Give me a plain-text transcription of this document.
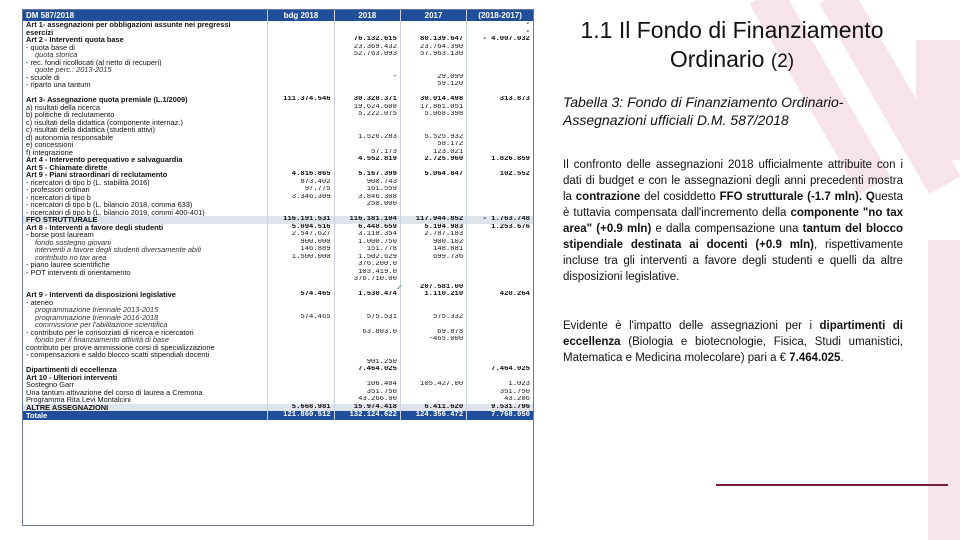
DM 587/2018	bdg 2018	2018	2017	(2018-2017)
Art 1- assegnazioni per obbligazioni assunte nei pregressi				-
esercizi				-
Art 2 - Interventi quota base		76.132.615	80.139.647	- 4.007.032
- quota base di		23.369.432	23.764.390	
quota storica		52.763.093	57.963.130	
- rec. fondi ricollocati (al netto di recuperi)				
quote perc.: 2013-2015				
- scuole di		-	29.099	
- riparto una tantum			59.120	

Art 3- Assegnazione quota premiale (L.1/2009)	111.374.546	30.328.371	30.014.498	313.873
a) risultati della ricerca		19.624.608	17.861.051	
b) politiche di reclutamento		5.222.075	5.068.398	
c) risultati della didattica (componente internaz.)				
c) risultati della didattica (studenti attivi)				
d) autonomia responsabile		1.526.283	5.525.932	
e) concessioni			58.172	
f) integrazione		57.173	123.021	
Art 4 - Intervento perequativo e salvaguardia		4.552.819	2.725.960	1.826.859
Art 5 - Chiamate dirette				
Art 9 - Piani straordinari di reclutamento	4.816.865	5.167.399	5.064.847	102.552
- ricercatori di tipo b (L. stabilità 2016)	873.402	900.743		
- professori ordinari	97.775	161.559		
- ricercatori di tipo b	3.346.309	3.846.308		
- ricercatori di tipo b (L. bilancio 2018, comma 633)		250.000		
- ricercatori di tipo b (L. bilancio 2019, commi 400-401)				
FFO STRUTTURALE	116.191.531	116.181.104	117.944.852	- 1.763.748
Art 8 - Interventi a favore degli studenti	5.094.516	6.448.659	5.194.983	1.253.676
- borse post lauream	2.547.627	3.118.354	2.787.183	
fondo sostegno giovani	900.000	1.000.750	900.102	
interventi a favore degli studenti diversamente abili	146.889	151.778	148.881	
contributo no tax area	1.500.000	1.502.629	699.736	
- piano lauree scientifiche		376.200.0		
- POT interventi di orientamento		103.419.0		
		376.710.00		
			207.581.00	
Art 9 - Interventi da disposizioni legislative	574.465	1.530.474	1.110.210	420.264
- ateneo				
programmazione triennale 2013-2015				
programmazione triennale 2016-2018	574.465	575.531	575.332	
commissione per l'abilitazione scientifica				
- contributo per le consorziati di ricerca e ricercatori		63.803.0	69.878	
fondo per il finanziamento attività di base			-465.000	
contributo per prove ammissione corsi di specializzazione				
- compensazioni e saldo blocco scatti stipendiali docenti				
		901.250		
Dipartimenti di eccellenza		7.464.025		7.464.025
Art 10 - Ulteriori interventi				
Sostegno Garr		106.404	105.427.00	1.023
Una tantum attivazione del corso di laurea a Cremona		351.750		351.750
Programma Rita Levi Montalcini		43.266.00		43.206
ALTRE ASSEGNAZIONI	5.668.981	15.974.418	6.411.620	9.531.796
Totale	121.860.512	132.124.622	124.356.472	7.768.050
✓
1.1 Il Fondo di Finanziamento Ordinario (2)
Tabella 3: Fondo di Finanziamento Ordinario- Assegnazioni ufficiali D.M. 587/2018
Il confronto delle assegnazioni 2018 ufficialmente attribuite con i dati di budget e con le assegnazioni degli anni precedenti mostra la contrazione del cosiddetto FFO strutturale (-1.7 mln). Questa è tuttavia compensata dall'incremento della componente "no tax area" (+0.9 mln) e dalla compensazione una tantum del blocco stipendiale destinata ai docenti (+0.9 mln), rispettivamente incluse tra gli interventi a favore degli studenti e quelli da altre disposizioni legislative.
Evidente è l'impatto delle assegnazioni per i dipartimenti di eccellenza (Biologia e biotecnologie, Fisica, Studi umanistici, Matematica e Medicina molecolare) pari a € 7.464.025.
